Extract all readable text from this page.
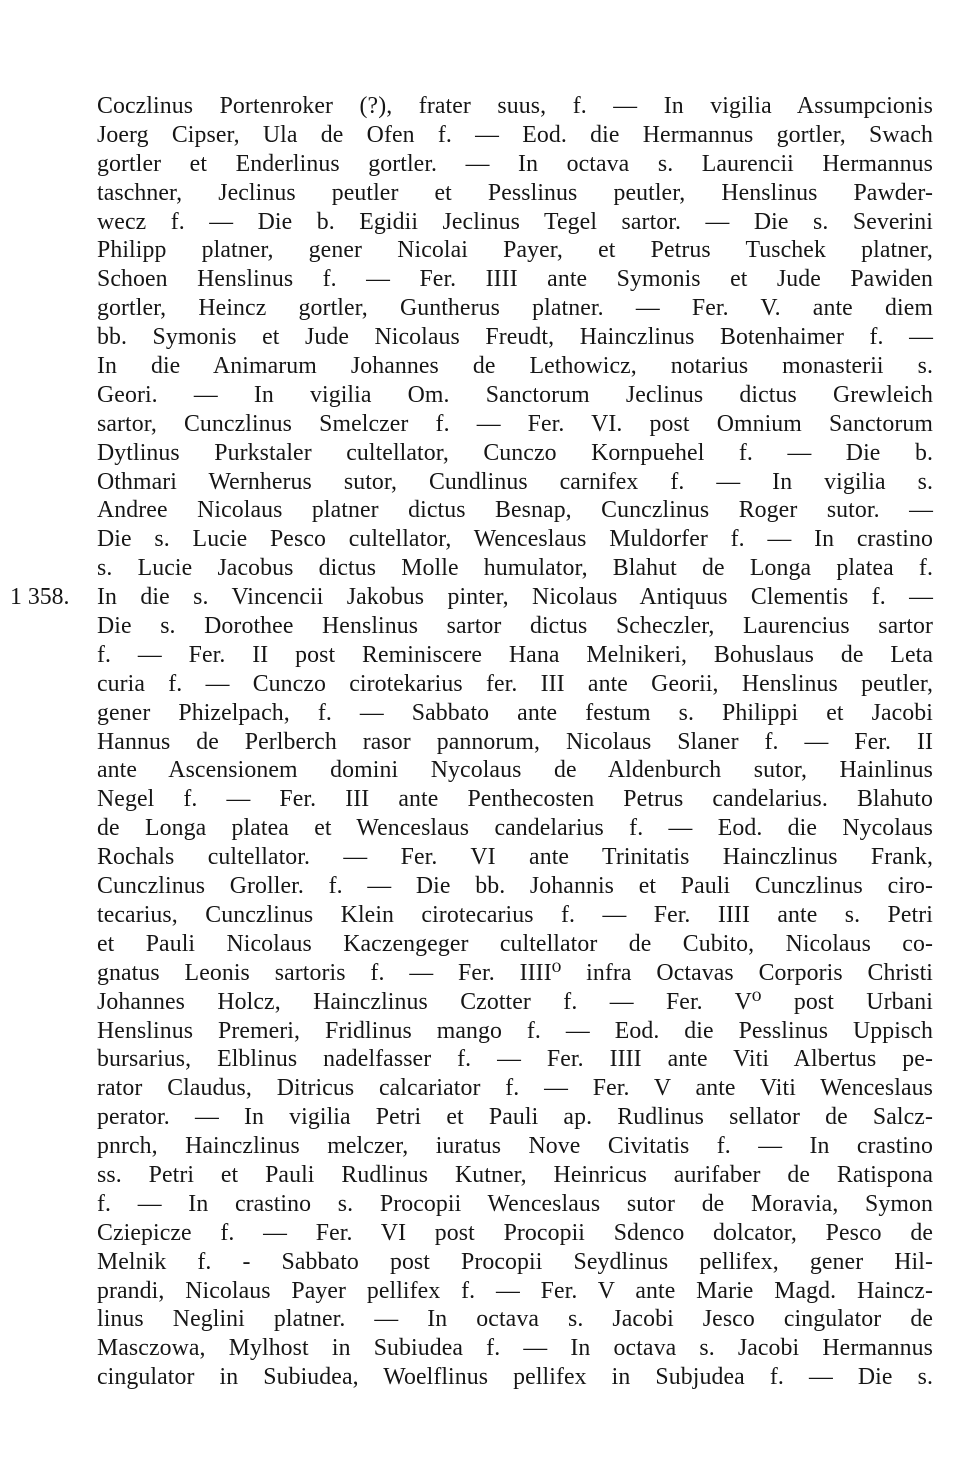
1 358.
Coczlinus Portenroker (?), frater suus, f. — In vigilia Assumpcionis
Joerg Cipser, Ula de Ofen f. — Eod. die Hermannus gortler, Swach
gortler et Enderlinus gortler. — In octava s. Laurencii Hermannus
taschner, Jeclinus peutler et Pesslinus peutler, Henslinus Pawder-
wecz f. — Die b. Egidii Jeclinus Tegel sartor. — Die s. Severini
Philipp platner, gener Nicolai Payer, et Petrus Tuschek platner,
Schoen Henslinus f. — Fer. IIII ante Symonis et Jude Pawiden
gortler, Heincz gortler, Guntherus platner. — Fer. V. ante diem
bb. Symonis et Jude Nicolaus Freudt, Hainczlinus Botenhaimer f. —
In die Animarum Johannes de Lethowicz, notarius monasterii s.
Geori. — In vigilia Om. Sanctorum Jeclinus dictus Grewleich
sartor, Cunczlinus Smelczer f. — Fer. VI. post Omnium Sanctorum
Dytlinus Purkstaler cultellator, Cunczo Kornpuehel f. — Die b.
Othmari Wernherus sutor, Cundlinus carnifex f. — In vigilia s.
Andree Nicolaus platner dictus Besnap, Cunczlinus Roger sutor. —
Die s. Lucie Pesco cultellator, Wenceslaus Muldorfer f. — In crastino
s. Lucie Jacobus dictus Molle humulator, Blahut de Longa platea f.
In die s. Vincencii Jakobus pinter, Nicolaus Antiquus Clementis f. —
Die s. Dorothee Henslinus sartor dictus Scheczler, Laurencius sartor
f. — Fer. II post Reminiscere Hana Melnikeri, Bohuslaus de Leta
curia f. — Cunczo cirotekarius fer. III ante Georii, Henslinus peutler,
gener Phizelpach, f. — Sabbato ante festum s. Philippi et Jacobi
Hannus de Perlberch rasor pannorum, Nicolaus Slaner f. — Fer. II
ante Ascensionem domini Nycolaus de Aldenburch sutor, Hainlinus
Negel f. — Fer. III ante Penthecosten Petrus candelarius. Blahuto
de Longa platea et Wenceslaus candelarius f. — Eod. die Nycolaus
Rochals cultellator. — Fer. VI ante Trinitatis Hainczlinus Frank,
Cunczlinus Groller. f. — Die bb. Johannis et Pauli Cunczlinus ciro-
tecarius, Cunczlinus Klein cirotecarius f. — Fer. IIII ante s. Petri
et Pauli Nicolaus Kaczengeger cultellator de Cubito, Nicolaus co-
gnatus Leonis sartoris f. — Fer. IIII⁰ infra Octavas Corporis Christi
Johannes Holcz, Hainczlinus Czotter f. — Fer. V⁰ post Urbani
Henslinus Premeri, Fridlinus mango f. — Eod. die Pesslinus Uppisch
bursarius, Elblinus nadelfasser f. — Fer. IIII ante Viti Albertus pe-
rator Claudus, Ditricus calcariator f. — Fer. V ante Viti Wenceslaus
perator. — In vigilia Petri et Pauli ap. Rudlinus sellator de Salcz-
pnrch, Hainczlinus melczer, iuratus Nove Civitatis f. — In crastino
ss. Petri et Pauli Rudlinus Kutner, Heinricus aurifaber de Ratispona
f. — In crastino s. Procopii Wenceslaus sutor de Moravia, Symon
Cziepicze f. — Fer. VI post Procopii Sdenco dolcator, Pesco de
Melnik f. - Sabbato post Procopii Seydlinus pellifex, gener Hil-
prandi, Nicolaus Payer pellifex f. — Fer. V ante Marie Magd. Haincz-
linus Neglini platner. — In octava s. Jacobi Jesco cingulator de
Masczowa, Mylhost in Subiudea f. — In octava s. Jacobi Hermannus
cingulator in Subiudea, Woelflinus pellifex in Subjudea f. — Die s.
